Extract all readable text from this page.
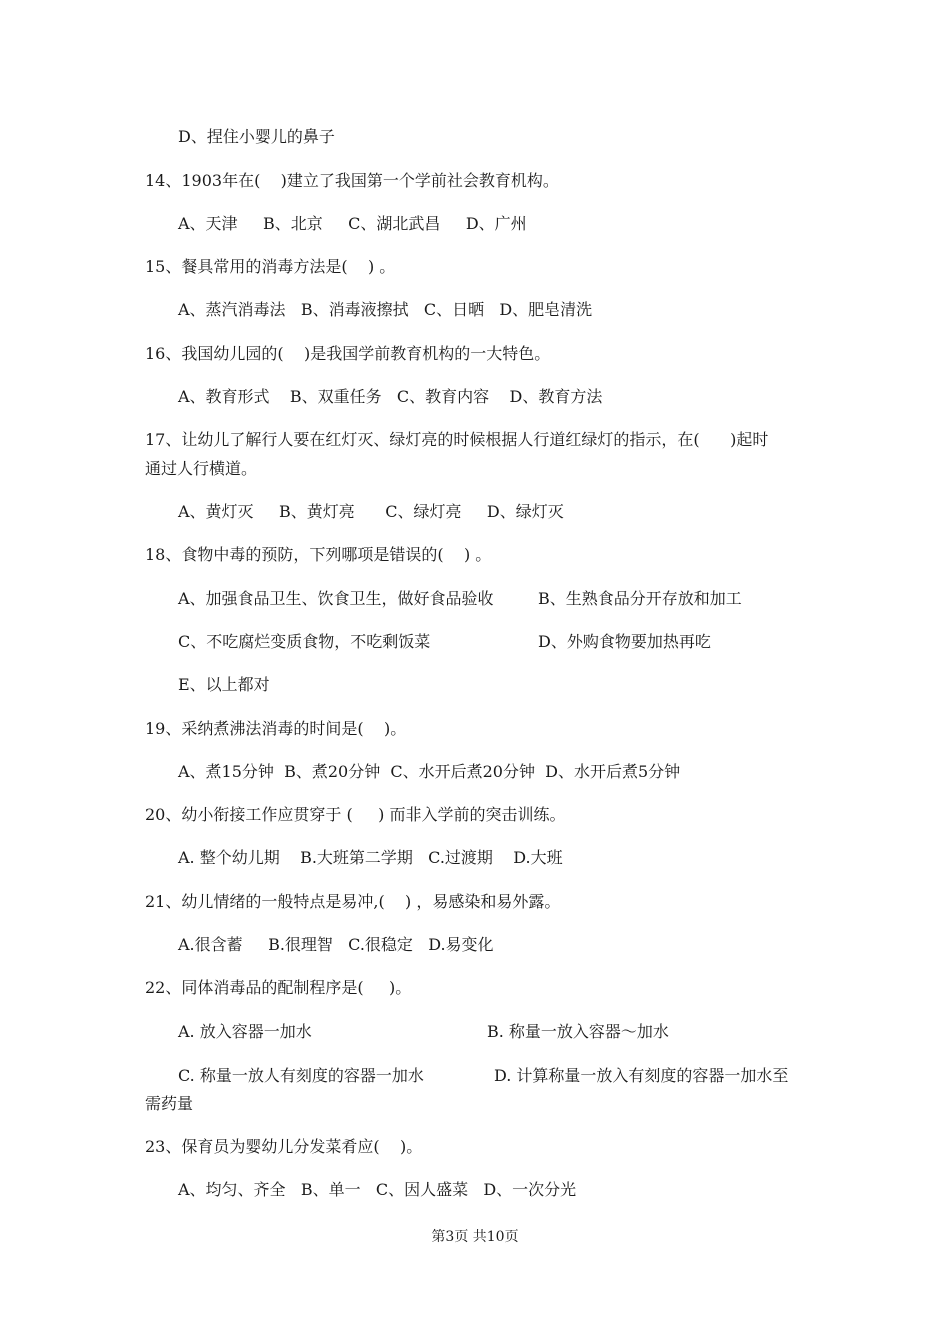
D、捏住小婴儿的鼻子
14、1903年在(    )建立了我国第一个学前社会教育机构。
A、天津     B、北京     C、湖北武昌     D、广州
15、餐具常用的消毒方法是(    ) 。
A、蒸汽消毒法   B、消毒液擦拭   C、日晒   D、肥皂清洗
16、我国幼儿园的(    )是我国学前教育机构的一大特色。
A、教育形式    B、双重任务   C、教育内容    D、教育方法
17、让幼儿了解行人要在红灯灭、绿灯亮的时候根据人行道红绿灯的指示，在(      )起时
通过人行横道。
A、黄灯灭     B、黄灯亮      C、绿灯亮     D、绿灯灭
18、食物中毒的预防，下列哪项是错误的(    ) 。
A、加强食品卫生、饮食卫生，做好食品验收	B、生熟食品分开存放和加工
C、不吃腐烂变质食物，不吃剩饭菜	D、外购食物要加热再吃
E、以上都对
19、采纳煮沸法消毒的时间是(    )。
A、煮15分钟  B、煮20分钟  C、水开后煮20分钟  D、水开后煮5分钟
20、幼小衔接工作应贯穿于 (     ) 而非入学前的突击训练。
A. 整个幼儿期    B.大班第二学期   C.过渡期    D.大班
21、幼儿情绪的一般特点是易冲,(    ) ，易感染和易外露。
A.很含蓄     B.很理智   C.很稳定   D.易变化
22、同体消毒品的配制程序是(     )。
A. 放入容器一加水	B. 称量一放入容器～加水
C. 称量一放人有刻度的容器一加水	D. 计算称量一放入有刻度的容器一加水至
需药量
23、保育员为婴幼儿分发菜肴应(    )。
A、均匀、齐全   B、单一   C、因人盛菜   D、一次分光
第3页 共10页
